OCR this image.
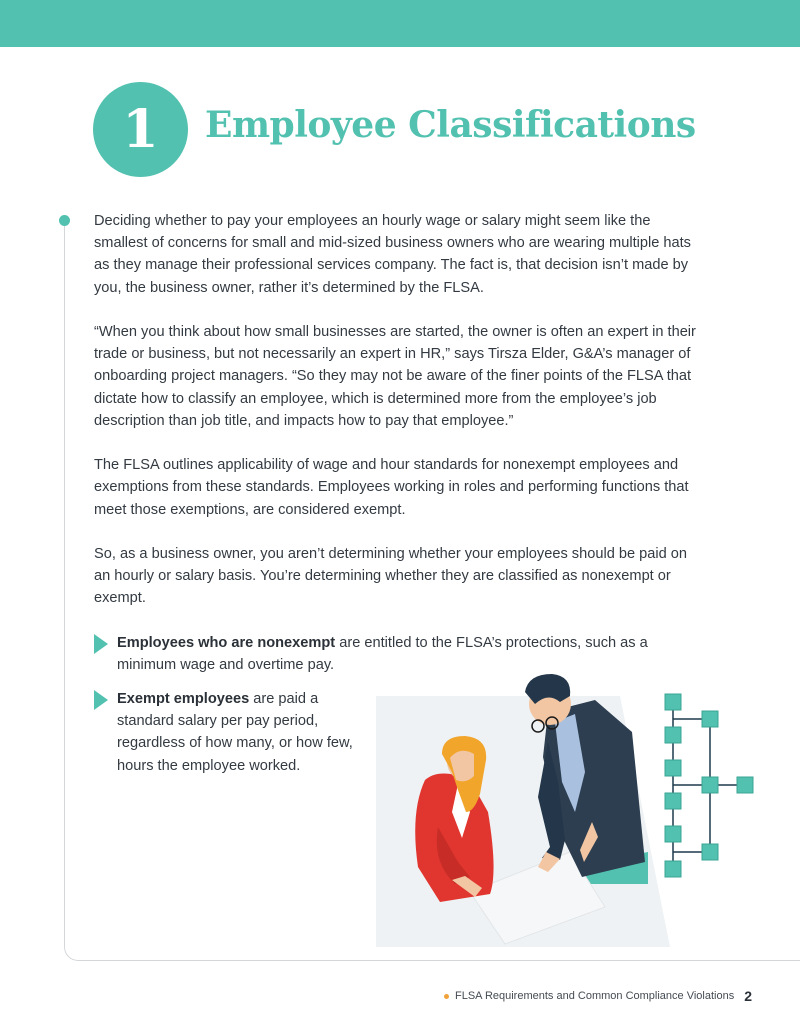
1 Employee Classifications

Deciding whether to pay your employees an hourly wage or salary might seem like the smallest of concerns for small and mid-sized business owners who are wearing multiple hats as they manage their professional services company. The fact is, that decision isn’t made by you, the business owner, rather it’s determined by the FLSA.

“When you think about how small businesses are started, the owner is often an expert in their trade or business, but not necessarily an expert in HR,” says Tirsza Elder, G&A’s manager of onboarding project managers. “So they may not be aware of the finer points of the FLSA that dictate how to classify an employee, which is determined more from the employee’s job description than job title, and impacts how to pay that employee.”

The FLSA outlines applicability of wage and hour standards for nonexempt employees and exemptions from these standards. Employees working in roles and performing functions that meet those exemptions, are considered exempt.

So, as a business owner, you aren’t determining whether your employees should be paid on an hourly or salary basis. You’re determining whether they are classified as nonexempt or exempt.

Employees who are nonexempt are entitled to the FLSA’s protections, such as a minimum wage and overtime pay.
Exempt employees are paid a standard salary per pay period, regardless of how many, or how few, hours the employee worked.
FLSA Requirements and Common Compliance Violations 2
